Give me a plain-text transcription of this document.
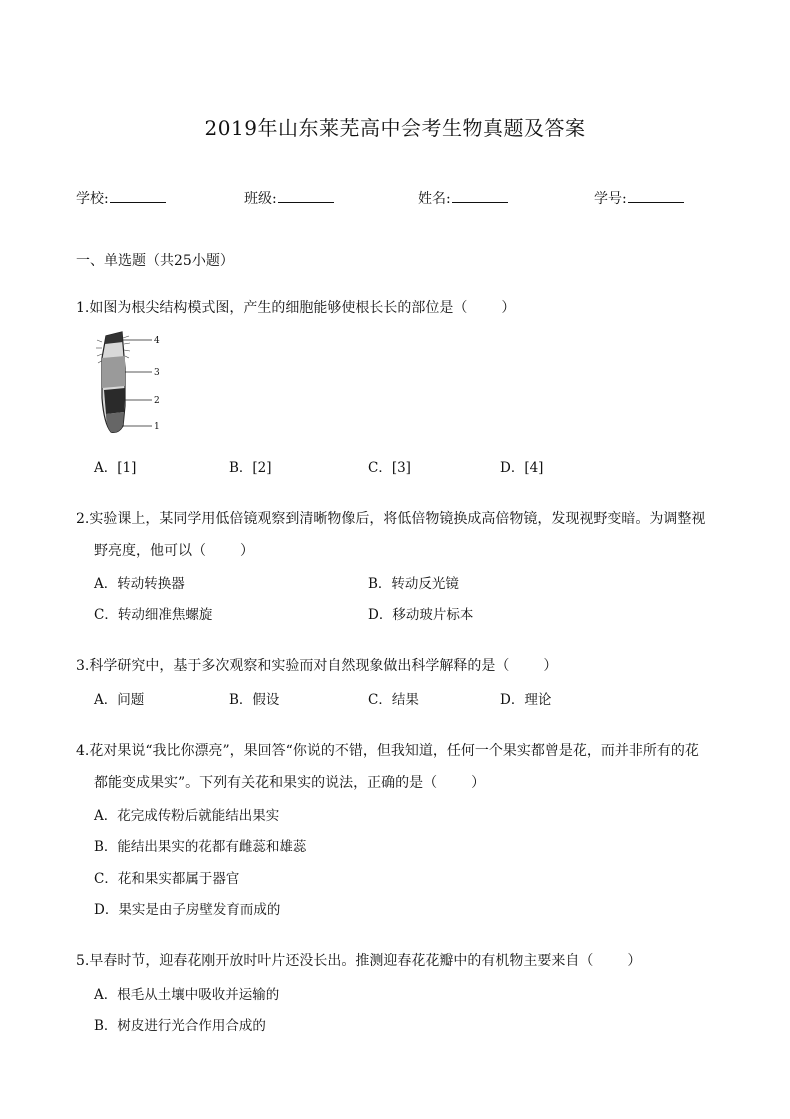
2019年山东莱芜高中会考生物真题及答案
学校:	班级:	姓名:	学号:
一、单选题（共25小题）
1.如图为根尖结构模式图，产生的细胞能够使根长长的部位是（ ）
4
3
2
1
A．[1]	B．[2]	C．[3]	D．[4]
2.实验课上，某同学用低倍镜观察到清晰物像后，将低倍物镜换成高倍物镜，发现视野变暗。为调整视
野亮度，他可以（ ）
A．转动转换器	B．转动反光镜
C．转动细准焦螺旋	D．移动玻片标本
3.科学研究中，基于多次观察和实验而对自然现象做出科学解释的是（ ）
A．问题	B．假设	C．结果	D．理论
4.花对果说“我比你漂亮”，果回答“你说的不错，但我知道，任何一个果实都曾是花，而并非所有的花
都能变成果实”。下列有关花和果实的说法，正确的是（ ）
A．花完成传粉后就能结出果实
B．能结出果实的花都有雌蕊和雄蕊
C．花和果实都属于器官
D．果实是由子房壁发育而成的
5.早春时节，迎春花刚开放时叶片还没长出。推测迎春花花瓣中的有机物主要来自（ ）
A．根毛从土壤中吸收并运输的
B．树皮进行光合作用合成的
